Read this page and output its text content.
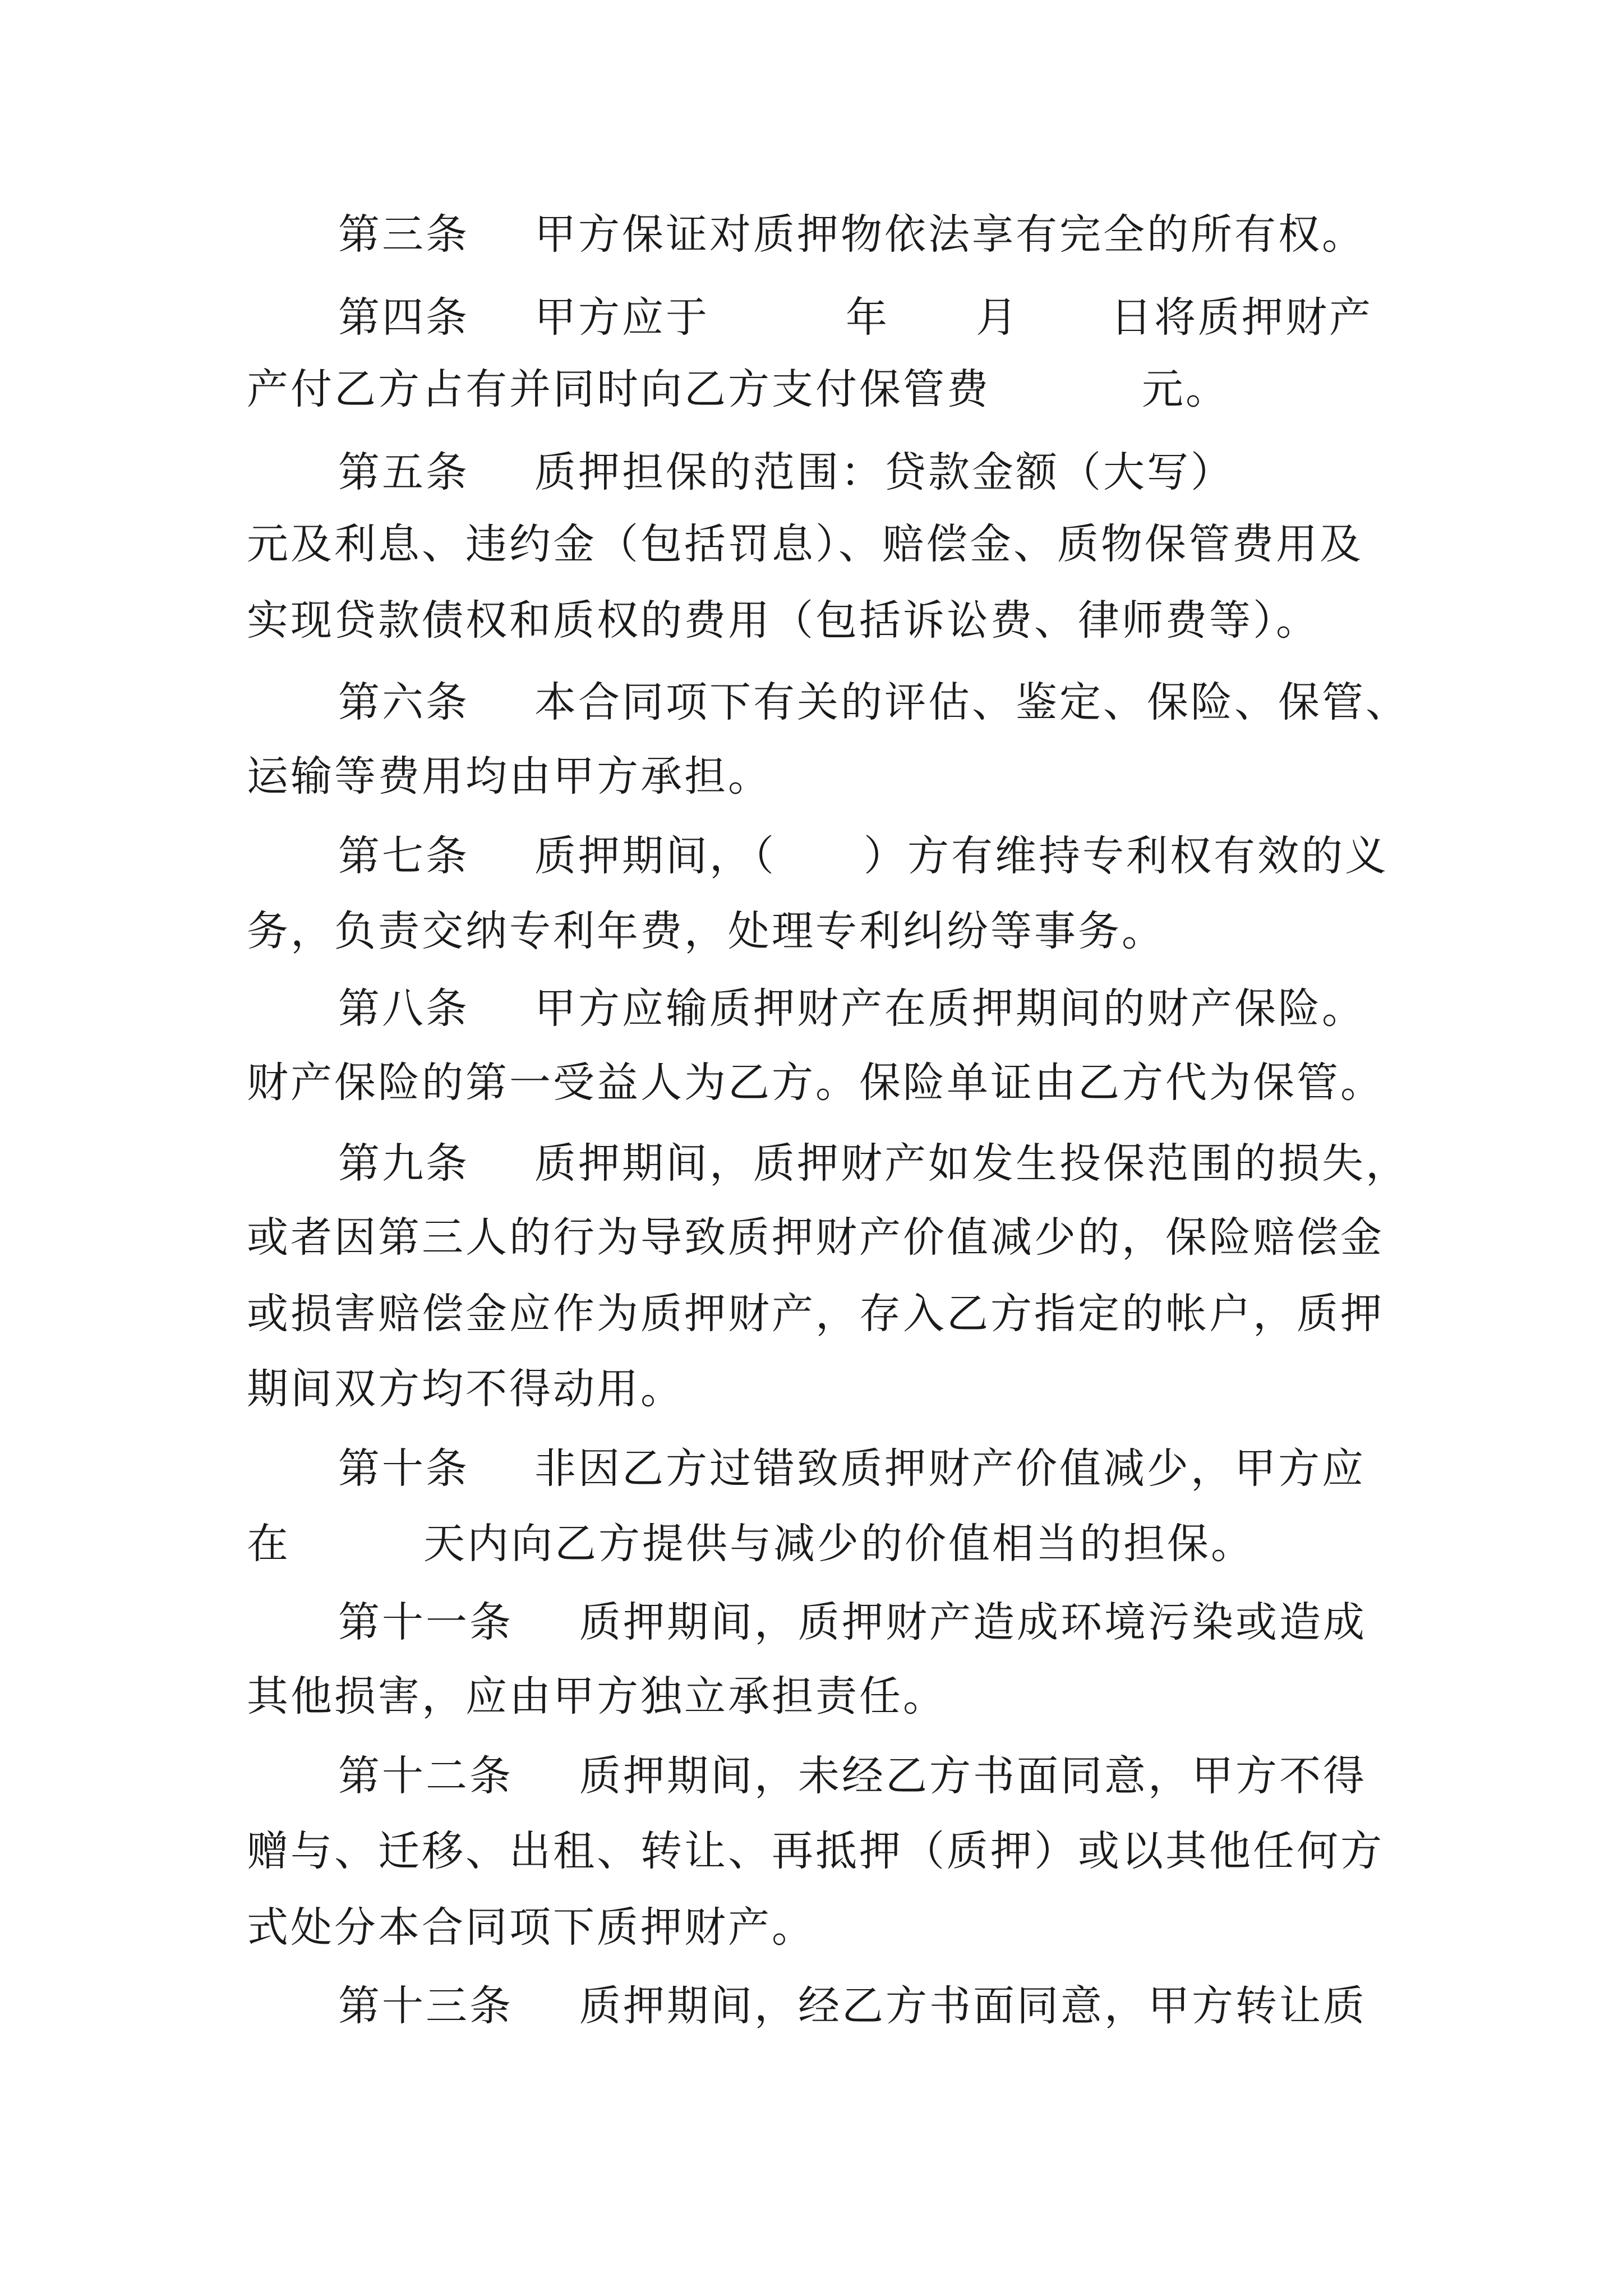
第三条

甲方保证对质押物依法享有完全的所有权。

第四条

甲方应于

	年

月

日将质押财产

产付乙方占有并同时向乙方支付保管费

	元。

第五条

质押担保的范围：贷款金额（大写）

元及利息、违约金（包括罚息）、赔偿金、质物保管费用及

实现贷款债权和质权的费用（包括诉讼费、律师费等）。

第六条

本合同项下有关的评估、鉴定、保险、保管、

运输等费用均由甲方承担。

第七条

质押期间，（　　）方有维持专利权有效的义

务，负责交纳专利年费，处理专利纠纷等事务。

第八条

甲方应输质押财产在质押期间的财产保险。

财产保险的第一受益人为乙方。保险单证由乙方代为保管。

第九条

质押期间，质押财产如发生投保范围的损失，

或者因第三人的行为导致质押财产价值减少的，保险赔偿金

或损害赔偿金应作为质押财产，存入乙方指定的帐户，质押

期间双方均不得动用。

第十条

非因乙方过错致质押财产价值减少，甲方应

在

	天内向乙方提供与减少的价值相当的担保。

第十一条

质押期间，质押财产造成环境污染或造成

其他损害，应由甲方独立承担责任。

第十二条

质押期间，未经乙方书面同意，甲方不得

赠与、迁移、出租、转让、再抵押（质押）或以其他任何方

式处分本合同项下质押财产。

第十三条

质押期间，经乙方书面同意，甲方转让质
